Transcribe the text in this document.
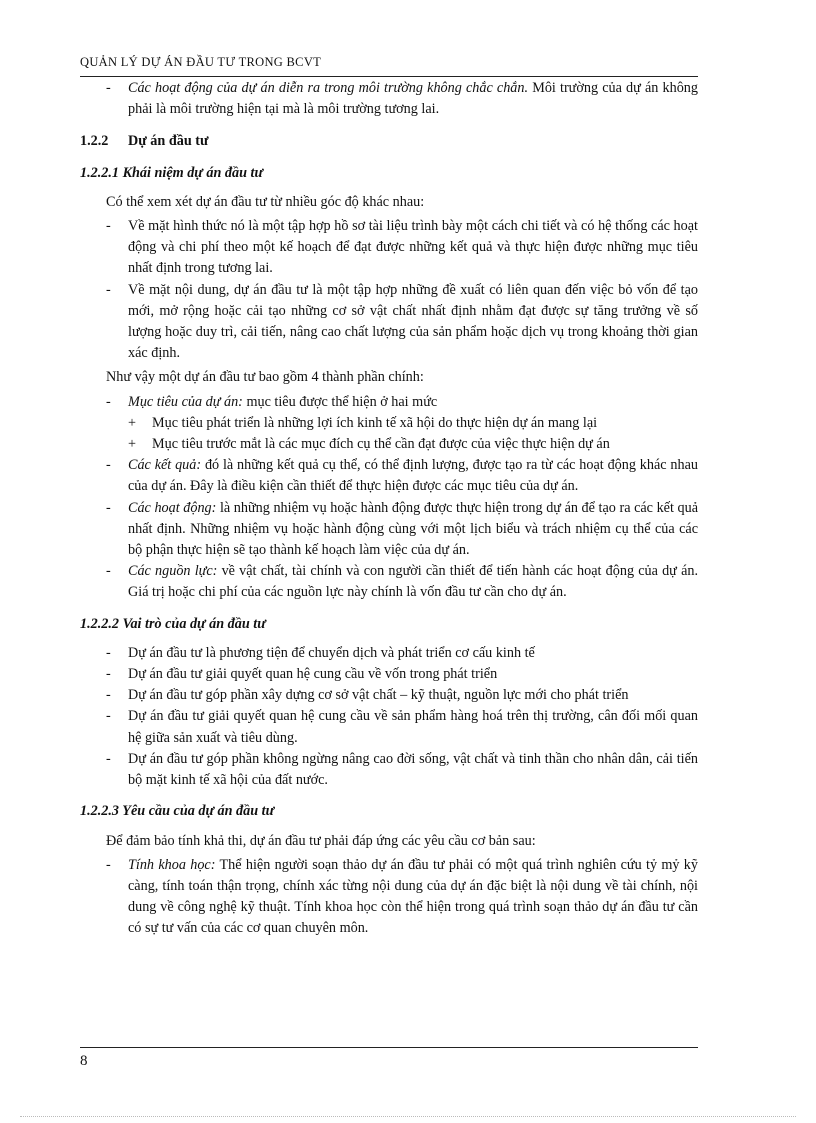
QUẢN LÝ DỰ ÁN ĐẦU TƯ TRONG BCVT
-	Các hoạt động của dự án diễn ra trong môi trường không chắc chắn. Môi trường của dự án không phải là môi trường hiện tại mà là môi trường tương lai.
1.2.2	Dự án đầu tư
1.2.2.1 Khái niệm dự án đầu tư
Có thể xem xét dự án đầu tư từ nhiều góc độ khác nhau:
-	Về mặt hình thức nó là một tập hợp hồ sơ tài liệu trình bày một cách chi tiết và có hệ thống các hoạt động và chi phí theo một kế hoạch để đạt được những kết quả và thực hiện được những mục tiêu nhất định trong tương lai.
-	Về mặt nội dung, dự án đầu tư là một tập hợp những đề xuất có liên quan đến việc bỏ vốn để tạo mới, mở rộng hoặc cải tạo những cơ sở vật chất nhất định nhằm đạt được sự tăng trưởng về số lượng hoặc duy trì, cải tiến, nâng cao chất lượng của sản phẩm hoặc dịch vụ trong khoảng thời gian xác định.
Như vậy một dự án đầu tư bao gồm 4 thành phần chính:
-	Mục tiêu của dự án: mục tiêu được thể hiện ở hai mức
+	Mục tiêu phát triển là những lợi ích kinh tế xã hội do thực hiện dự án mang lại
+	Mục tiêu trước mắt là các mục đích cụ thể cần đạt được của việc thực hiện dự án
-	Các kết quả: đó là những kết quả cụ thể, có thể định lượng, được tạo ra từ các hoạt động khác nhau của dự án. Đây là điều kiện cần thiết để thực hiện được các mục tiêu của dự án.
-	Các hoạt động: là những nhiệm vụ hoặc hành động được thực hiện trong dự án để tạo ra các kết quả nhất định. Những nhiệm vụ hoặc hành động cùng với một lịch biểu và trách nhiệm cụ thể của các bộ phận thực hiện sẽ tạo thành kế hoạch làm việc của dự án.
-	Các nguồn lực: về vật chất, tài chính và con người cần thiết để tiến hành các hoạt động của dự án. Giá trị hoặc chi phí của các nguồn lực này chính là vốn đầu tư cần cho dự án.
1.2.2.2 Vai trò của dự án đầu tư
-	Dự án đầu tư là phương tiện để chuyển dịch và phát triển cơ cấu kinh tế
-	Dự án đầu tư giải quyết quan hệ cung cầu về vốn trong phát triển
-	Dự án đầu tư góp phần xây dựng cơ sở vật chất – kỹ thuật, nguồn lực mới cho phát triển
-	Dự án đầu tư giải quyết quan hệ cung cầu về sản phẩm hàng hoá trên thị trường, cân đối mối quan hệ giữa sản xuất và tiêu dùng.
-	Dự án đầu tư góp phần không ngừng nâng cao đời sống, vật chất và tinh thần cho nhân dân, cải tiến bộ mặt kinh tế xã hội của đất nước.
1.2.2.3 Yêu cầu của dự án đầu tư
Để đảm bảo tính khả thi, dự án đầu tư phải đáp ứng các yêu cầu cơ bản sau:
-	Tính khoa học: Thể hiện người soạn thảo dự án đầu tư phải có một quá trình nghiên cứu tỷ mỷ kỹ càng, tính toán thận trọng, chính xác từng nội dung của dự án đặc biệt là nội dung về tài chính, nội dung về công nghệ kỹ thuật. Tính khoa học còn thể hiện trong quá trình soạn thảo dự án đầu tư cần có sự tư vấn của các cơ quan chuyên môn.
8
